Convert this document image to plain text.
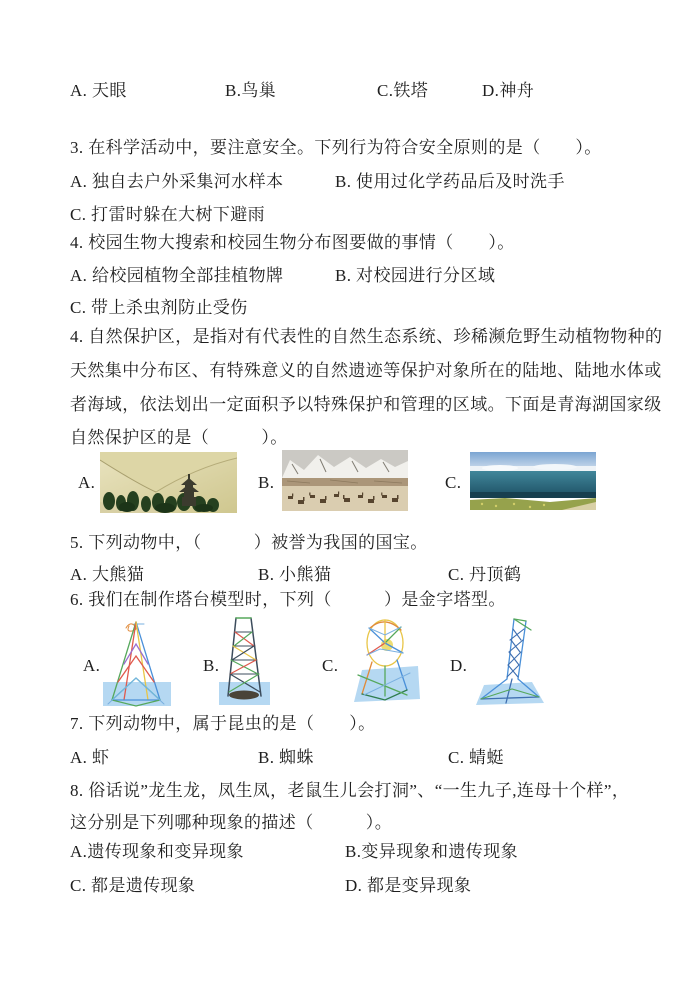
A. 天眼	B.鸟巢	C.铁塔	D.神舟
3. 在科学活动中，要注意安全。下列行为符合安全原则的是（　　）。
A. 独自去户外采集河水样本	B. 使用过化学药品后及时洗手
C. 打雷时躲在大树下避雨
4. 校园生物大搜索和校园生物分布图要做的事情（　　）。
A. 给校园植物全部挂植物牌	B. 对校园进行分区域
C. 带上杀虫剂防止受伤
4. 自然保护区，是指对有代表性的自然生态系统、珍稀濒危野生动植物物种的
天然集中分布区、有特殊意义的自然遗迹等保护对象所在的陆地、陆地水体或
者海域，依法划出一定面积予以特殊保护和管理的区域。下面是青海湖国家级
自然保护区的是（　　　）。
A.	B.	C.
5. 下列动物中，（　　　）被誉为我国的国宝。
A. 大熊猫	B. 小熊猫	C. 丹顶鹤
6. 我们在制作塔台模型时，下列（　　　）是金字塔型。
A.	B.	C.	D.
7. 下列动物中，属于昆虫的是（　　）。
A. 虾	B. 蜘蛛	C. 蜻蜓
8. 俗话说”龙生龙，凤生凤，老鼠生儿会打洞”、“一生九子,连母十个样”，
这分别是下列哪种现象的描述（　　　）。
A.遗传现象和变异现象	B.变异现象和遗传现象
C. 都是遗传现象	D. 都是变异现象
